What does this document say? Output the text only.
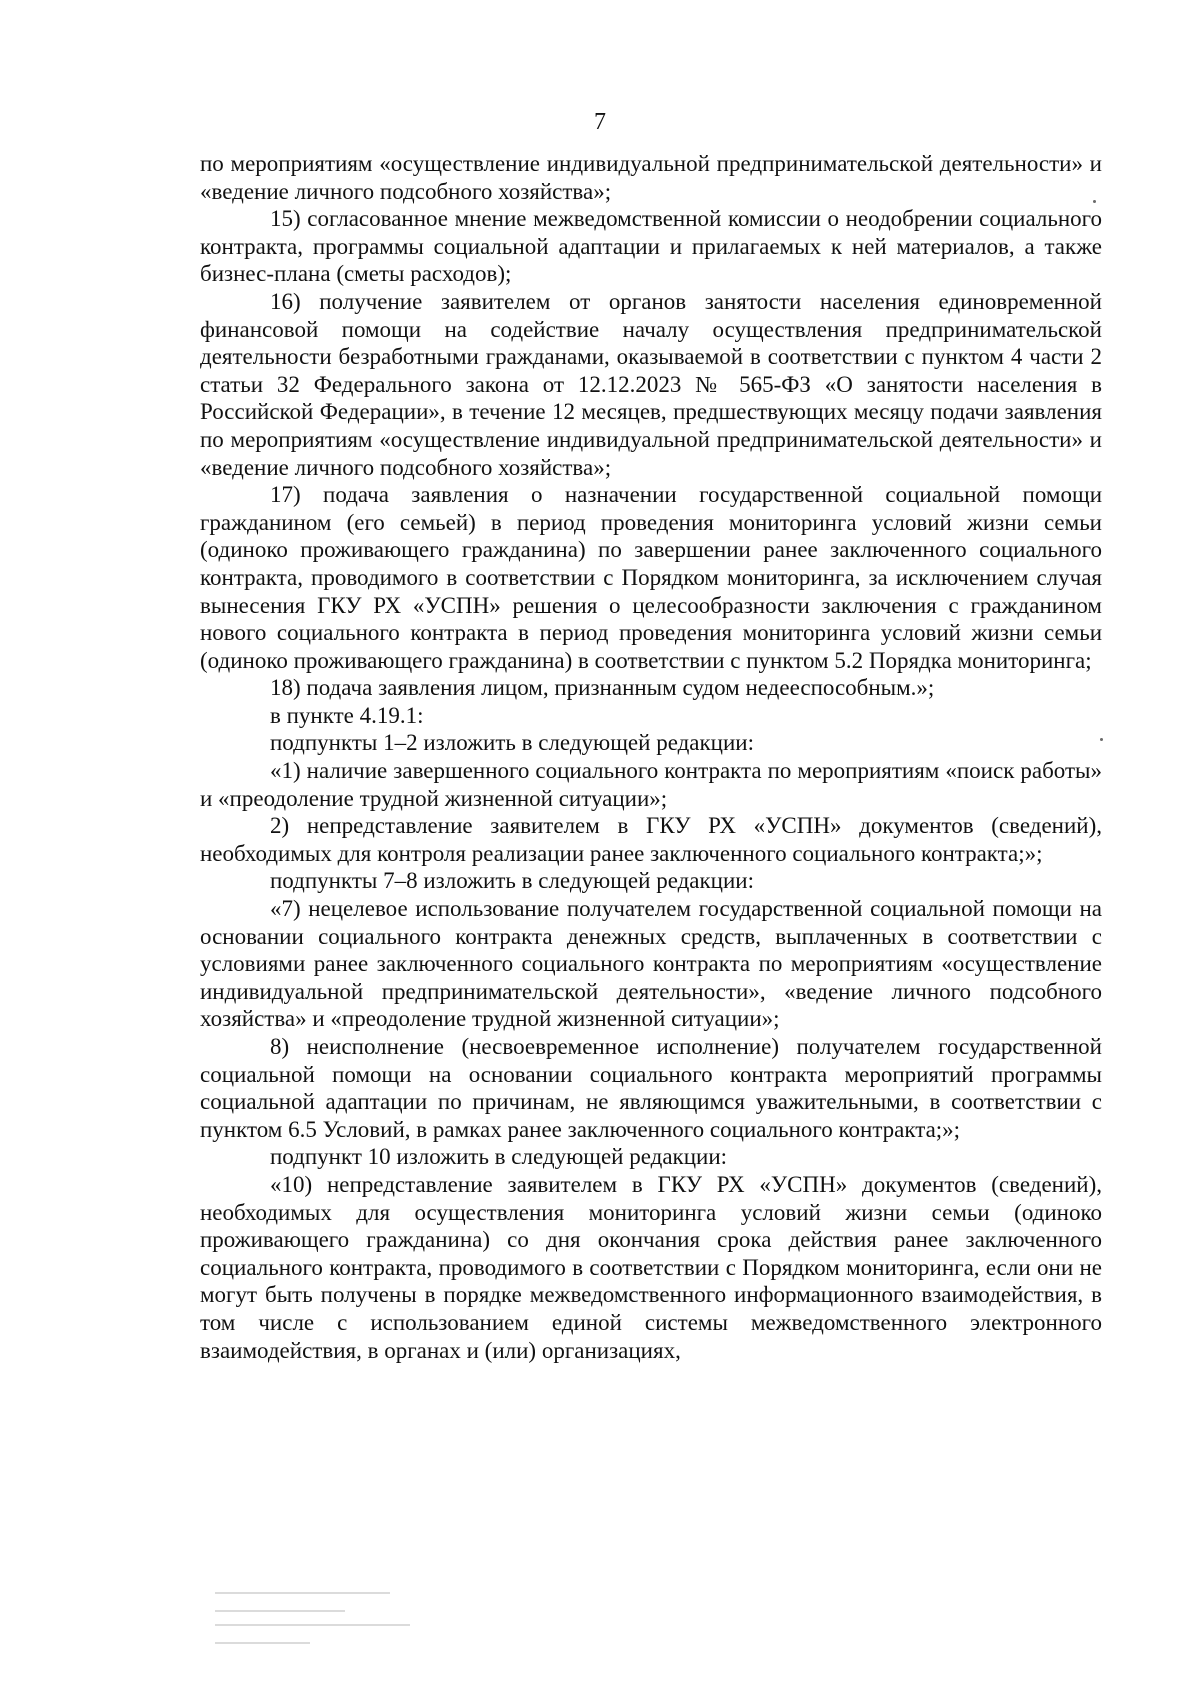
7

по мероприятиям «осуществление индивидуальной предпринимательской деятельности» и «ведение личного подсобного хозяйства»;

15) согласованное мнение межведомственной комиссии о неодобрении социального контракта, программы социальной адаптации и прилагаемых к ней материалов, а также бизнес-плана (сметы расходов);

16) получение заявителем от органов занятости населения единовременной финансовой помощи на содействие началу осуществления предпринимательской деятельности безработными гражданами, оказываемой в соответствии с пунктом 4 части 2 статьи 32 Федерального закона от 12.12.2023 № 565-ФЗ «О занятости населения в Российской Федерации», в течение 12 месяцев, предшествующих месяцу подачи заявления по мероприятиям «осуществление индивидуальной предпринимательской деятельности» и «ведение личного подсобного хозяйства»;

17) подача заявления о назначении государственной социальной помощи гражданином (его семьей) в период проведения мониторинга условий жизни семьи (одиноко проживающего гражданина) по завершении ранее заключенного социального контракта, проводимого в соответствии с Порядком мониторинга, за исключением случая вынесения ГКУ РХ «УСПН» решения о целесообразности заключения с гражданином нового социального контракта в период проведения мониторинга условий жизни семьи (одиноко проживающего гражданина) в соответствии с пунктом 5.2 Порядка мониторинга;

18) подача заявления лицом, признанным судом недееспособным.»;

в пункте 4.19.1:

подпункты 1–2 изложить в следующей редакции:

«1) наличие завершенного социального контракта по мероприятиям «поиск работы» и «преодоление трудной жизненной ситуации»;

2) непредставление заявителем в ГКУ РХ «УСПН» документов (сведений), необходимых для контроля реализации ранее заключенного социального контракта;»;

подпункты 7–8 изложить в следующей редакции:

«7) нецелевое использование получателем государственной социальной помощи на основании социального контракта денежных средств, выплаченных в соответствии с условиями ранее заключенного социального контракта по мероприятиям «осуществление индивидуальной предпринимательской деятельности», «ведение личного подсобного хозяйства» и «преодоление трудной жизненной ситуации»;

8) неисполнение (несвоевременное исполнение) получателем государственной социальной помощи на основании социального контракта мероприятий программы социальной адаптации по причинам, не являющимся уважительными, в соответствии с пунктом 6.5 Условий, в рамках ранее заключенного социального контракта;»;

подпункт 10 изложить в следующей редакции:

«10) непредставление заявителем в ГКУ РХ «УСПН» документов (сведений), необходимых для осуществления мониторинга условий жизни семьи (одиноко проживающего гражданина) со дня окончания срока действия ранее заключенного социального контракта, проводимого в соответствии с Порядком мониторинга, если они не могут быть получены в порядке межведомственного информационного взаимодействия, в том числе с использованием единой системы межведомственного электронного взаимодействия, в органах и (или) организациях,
